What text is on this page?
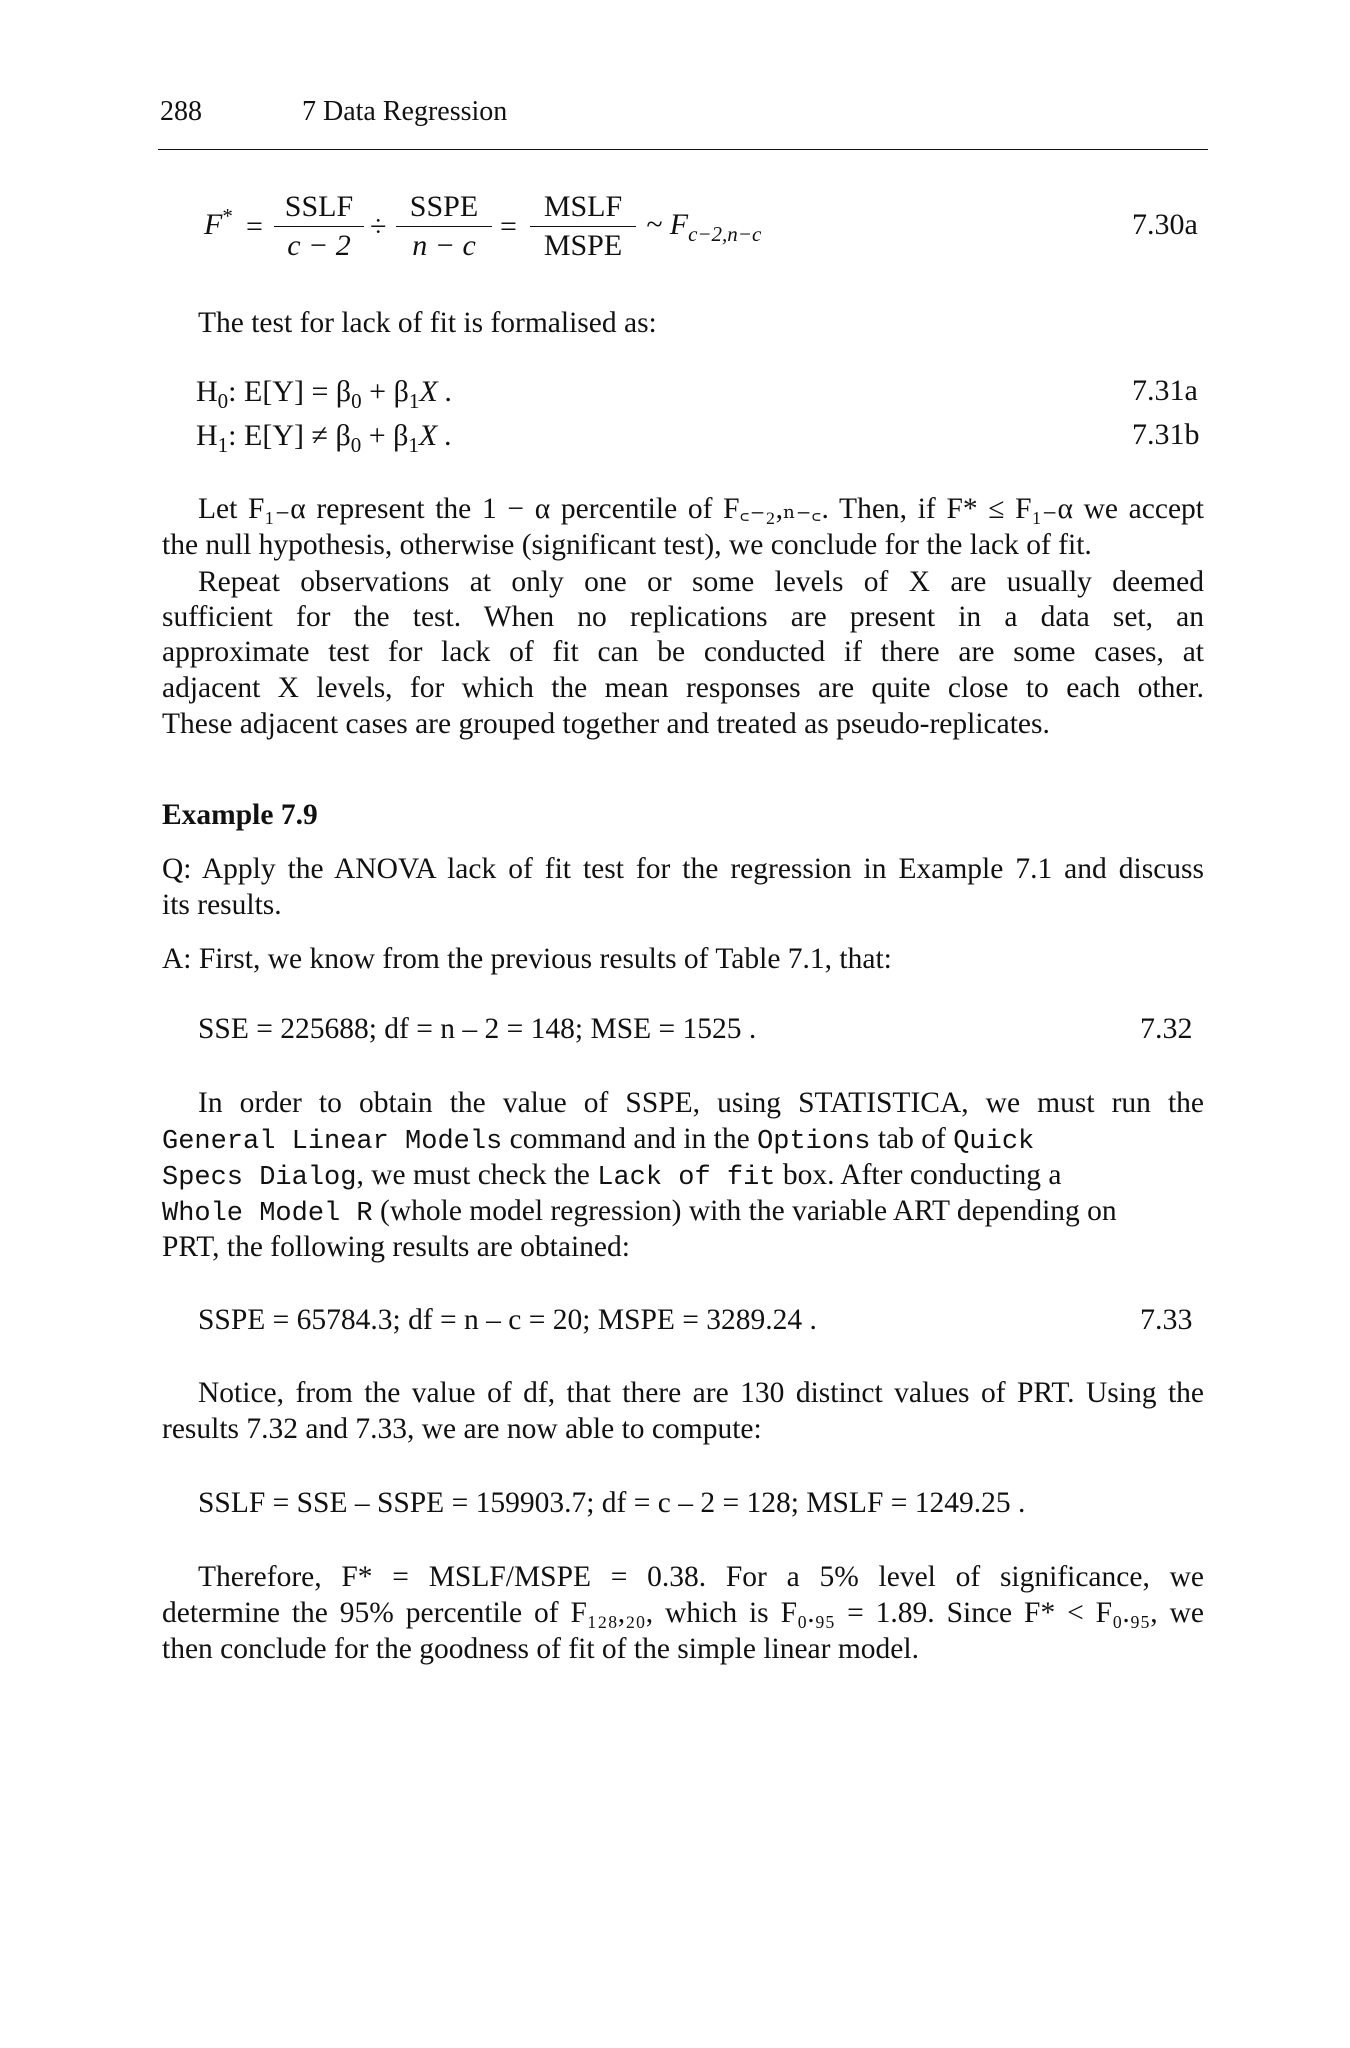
288	7 Data Regression
F* =
SSLF
c − 2
÷
SSPE
n − c
=
MSLF
MSPE
~ $F_{c-2,n-c}$	7.30a
The test for lack of fit is formalised as:
$H_0$: $E[Y] = \beta_0 + \beta_1X$ .	7.31a
$H_1$: $E[Y] \ne \beta_0 + \beta_1X$ .	7.31b
Let F₁₋α represent the 1 − α percentile of F꜀₋₂,ₙ₋꜀. Then, if F* ≤ F₁₋α we accept
the null hypothesis, otherwise (significant test), we conclude for the lack of fit.
Repeat observations at only one or some levels of X are usually deemed
sufficient for the test. When no replications are present in a data set, an
approximate test for lack of fit can be conducted if there are some cases, at
adjacent X levels, for which the mean responses are quite close to each other.
These adjacent cases are grouped together and treated as pseudo-replicates.
Example 7.9
Q: Apply the ANOVA lack of fit test for the regression in Example 7.1 and discuss
its results.
A: First, we know from the previous results of Table 7.1, that:
SSE = 225688; df = n – 2 = 148; MSE = 1525 .	7.32
In order to obtain the value of SSPE, using STATISTICA, we must run the
General Linear Models command and in the Options tab of Quick
Specs Dialog, we must check the Lack of fit box. After conducting a
Whole Model R (whole model regression) with the variable ART depending on
PRT, the following results are obtained:
SSPE = 65784.3; df = n – c = 20; MSPE = 3289.24 .	7.33
Notice, from the value of df, that there are 130 distinct values of PRT. Using the
results 7.32 and 7.33, we are now able to compute:
SSLF = SSE – SSPE = 159903.7; df = c – 2 = 128; MSLF = 1249.25 .
Therefore, F* = MSLF/MSPE = 0.38. For a 5% level of significance, we
determine the 95% percentile of F₁₂₈,₂₀, which is F₀.₉₅ = 1.89. Since F* < F₀.₉₅, we
then conclude for the goodness of fit of the simple linear model.
